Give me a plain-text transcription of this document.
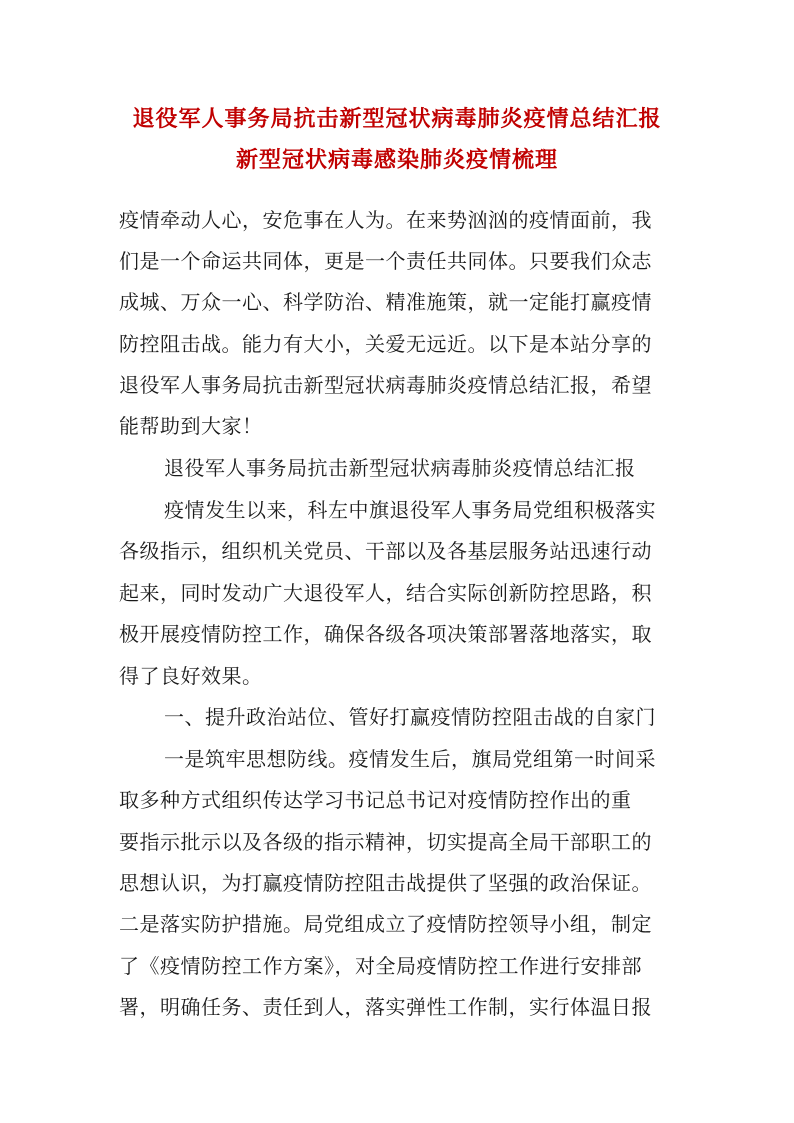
退役军人事务局抗击新型冠状病毒肺炎疫情总结汇报
新型冠状病毒感染肺炎疫情梳理
疫情牵动人心，安危事在人为。在来势汹汹的疫情面前，我
们是一个命运共同体，更是一个责任共同体。只要我们众志
成城、万众一心、科学防治、精准施策，就一定能打赢疫情
防控阻击战。能力有大小，关爱无远近。以下是本站分享的
退役军人事务局抗击新型冠状病毒肺炎疫情总结汇报，希望
能帮助到大家！
退役军人事务局抗击新型冠状病毒肺炎疫情总结汇报
疫情发生以来，科左中旗退役军人事务局党组积极落实
各级指示，组织机关党员、干部以及各基层服务站迅速行动
起来，同时发动广大退役军人，结合实际创新防控思路，积
极开展疫情防控工作，确保各级各项决策部署落地落实，取
得了良好效果。
一、提升政治站位、管好打赢疫情防控阻击战的自家门
一是筑牢思想防线。疫情发生后，旗局党组第一时间采
取多种方式组织传达学习书记总书记对疫情防控作出的重
要指示批示以及各级的指示精神，切实提高全局干部职工的
思想认识，为打赢疫情防控阻击战提供了坚强的政治保证。
二是落实防护措施。局党组成立了疫情防控领导小组，制定
了《疫情防控工作方案》，对全局疫情防控工作进行安排部
署，明确任务、责任到人，落实弹性工作制，实行体温日报
